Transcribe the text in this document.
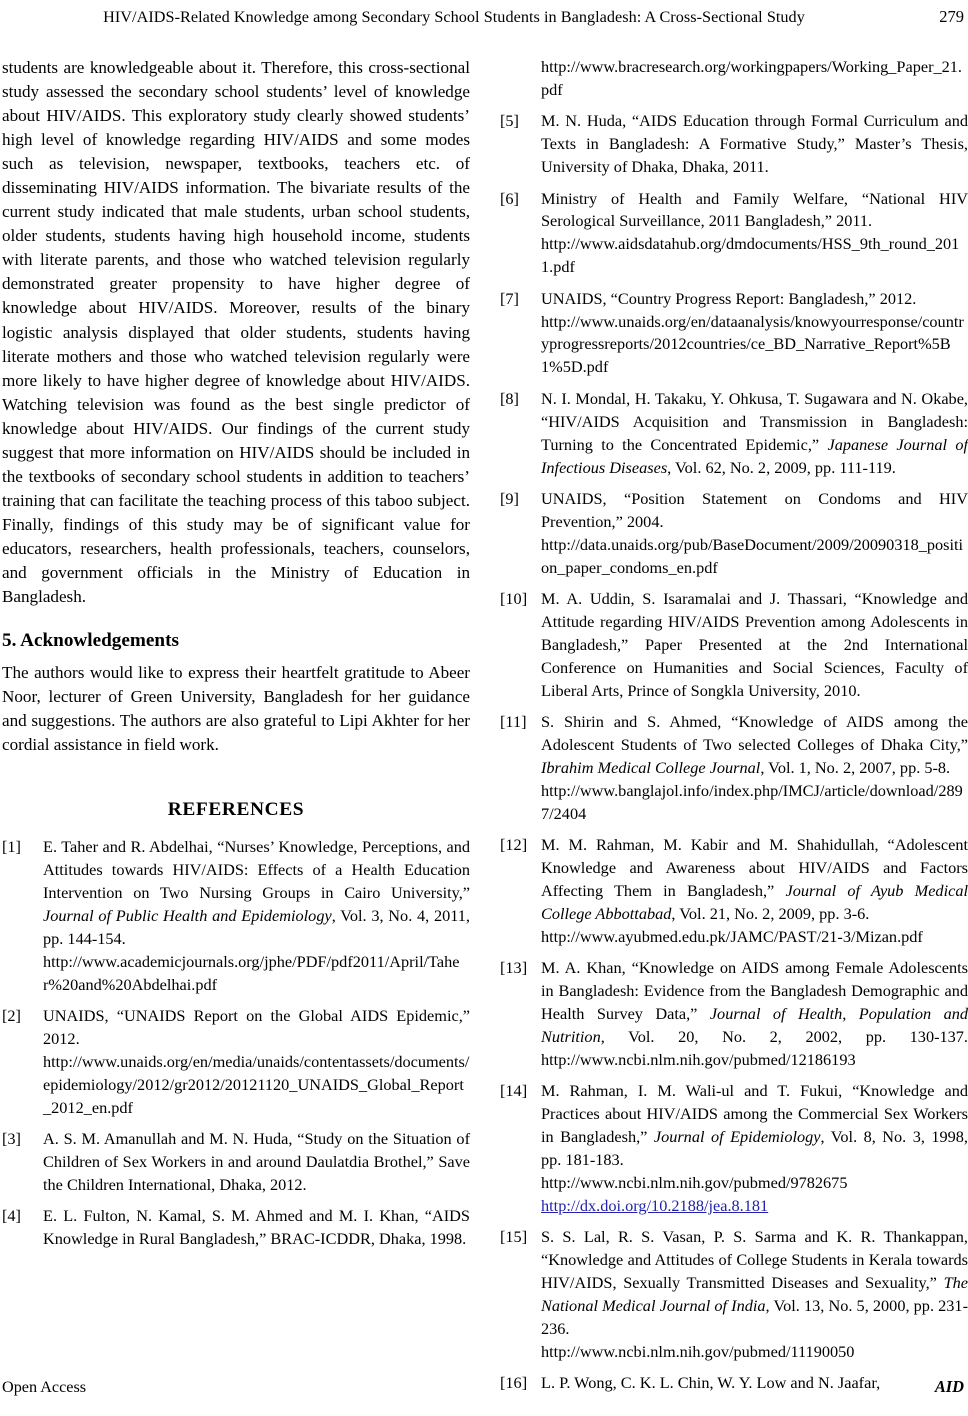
HIV/AIDS-Related Knowledge among Secondary School Students in Bangladesh: A Cross-Sectional Study	279

students are knowledgeable about it. Therefore, this cross-sectional study assessed the secondary school students’ level of knowledge about HIV/AIDS. This exploratory study clearly showed students’ high level of knowledge regarding HIV/AIDS and some modes such as television, newspaper, textbooks, teachers etc. of disseminating HIV/AIDS information. The bivariate results of the current study indicated that male students, urban school students, older students, students having high household income, students with literate parents, and those who watched television regularly demonstrated greater propensity to have higher degree of knowledge about HIV/AIDS. Moreover, results of the binary logistic analysis displayed that older students, students having literate mothers and those who watched television regularly were more likely to have higher degree of knowledge about HIV/AIDS. Watching television was found as the best single predictor of knowledge about HIV/AIDS. Our findings of the current study suggest that more information on HIV/AIDS should be included in the textbooks of secondary school students in addition to teachers’ training that can facilitate the teaching process of this taboo subject. Finally, findings of this study may be of significant value for educators, researchers, health professionals, teachers, counselors, and government officials in the Ministry of Education in Bangladesh.

5. Acknowledgements

The authors would like to express their heartfelt gratitude to Abeer Noor, lecturer of Green University, Bangladesh for her guidance and suggestions. The authors are also grateful to Lipi Akhter for her cordial assistance in field work.

REFERENCES
[1]	E. Taher and R. Abdelhai, “Nurses’ Knowledge, Perceptions, and Attitudes towards HIV/AIDS: Effects of a Health Education Intervention on Two Nursing Groups in Cairo University,” Journal of Public Health and Epidemiology, Vol. 3, No. 4, 2011, pp. 144-154.
http://www.academicjournals.org/jphe/PDF/pdf2011/April/Taher%20and%20Abdelhai.pdf
[2]	UNAIDS, “UNAIDS Report on the Global AIDS Epidemic,” 2012.
http://www.unaids.org/en/media/unaids/contentassets/documents/epidemiology/2012/gr2012/20121120_UNAIDS_Global_Report_2012_en.pdf
[3]	A. S. M. Amanullah and M. N. Huda, “Study on the Situation of Children of Sex Workers in and around Daulatdia Brothel,” Save the Children International, Dhaka, 2012.
[4]	E. L. Fulton, N. Kamal, S. M. Ahmed and M. I. Khan, “AIDS Knowledge in Rural Bangladesh,” BRAC-ICDDR, Dhaka, 1998.
http://www.bracresearch.org/workingpapers/Working_Paper_21.pdf
[5]	M. N. Huda, “AIDS Education through Formal Curriculum and Texts in Bangladesh: A Formative Study,” Master’s Thesis, University of Dhaka, Dhaka, 2011.
[6]	Ministry of Health and Family Welfare, “National HIV Serological Surveillance, 2011 Bangladesh,” 2011.
http://www.aidsdatahub.org/dmdocuments/HSS_9th_round_2011.pdf
[7]	UNAIDS, “Country Progress Report: Bangladesh,” 2012.
http://www.unaids.org/en/dataanalysis/knowyourresponse/countryprogressreports/2012countries/ce_BD_Narrative_Report%5B1%5D.pdf
[8]	N. I. Mondal, H. Takaku, Y. Ohkusa, T. Sugawara and N. Okabe, “HIV/AIDS Acquisition and Transmission in Bangladesh: Turning to the Concentrated Epidemic,” Japanese Journal of Infectious Diseases, Vol. 62, No. 2, 2009, pp. 111-119.
[9]	UNAIDS, “Position Statement on Condoms and HIV Prevention,” 2004.
http://data.unaids.org/pub/BaseDocument/2009/20090318_position_paper_condoms_en.pdf
[10] M. A. Uddin, S. Isaramalai and J. Thassari, “Knowledge and Attitude regarding HIV/AIDS Prevention among Adolescents in Bangladesh,” Paper Presented at the 2nd International Conference on Humanities and Social Sciences, Faculty of Liberal Arts, Prince of Songkla University, 2010.
[11] S. Shirin and S. Ahmed, “Knowledge of AIDS among the Adolescent Students of Two selected Colleges of Dhaka City,” Ibrahim Medical College Journal, Vol. 1, No. 2, 2007, pp. 5-8.
http://www.banglajol.info/index.php/IMCJ/article/download/2897/2404
[12] M. M. Rahman, M. Kabir and M. Shahidullah, “Adolescent Knowledge and Awareness about HIV/AIDS and Factors Affecting Them in Bangladesh,” Journal of Ayub Medical College Abbottabad, Vol. 21, No. 2, 2009, pp. 3-6.
http://www.ayubmed.edu.pk/JAMC/PAST/21-3/Mizan.pdf
[13] M. A. Khan, “Knowledge on AIDS among Female Adolescents in Bangladesh: Evidence from the Bangladesh Demographic and Health Survey Data,” Journal of Health, Population and Nutrition, Vol. 20, No. 2, 2002, pp. 130-137. http://www.ncbi.nlm.nih.gov/pubmed/12186193
[14] M. Rahman, I. M. Wali-ul and T. Fukui, “Knowledge and Practices about HIV/AIDS among the Commercial Sex Workers in Bangladesh,” Journal of Epidemiology, Vol. 8, No. 3, 1998, pp. 181-183.
http://www.ncbi.nlm.nih.gov/pubmed/9782675
http://dx.doi.org/10.2188/jea.8.181
[15] S. S. Lal, R. S. Vasan, P. S. Sarma and K. R. Thankappan, “Knowledge and Attitudes of College Students in Kerala towards HIV/AIDS, Sexually Transmitted Diseases and Sexuality,” The National Medical Journal of India, Vol. 13, No. 5, 2000, pp. 231-236.
http://www.ncbi.nlm.nih.gov/pubmed/11190050
[16] L. P. Wong, C. K. L. Chin, W. Y. Low and N. Jaafar,
Open Access	AID
